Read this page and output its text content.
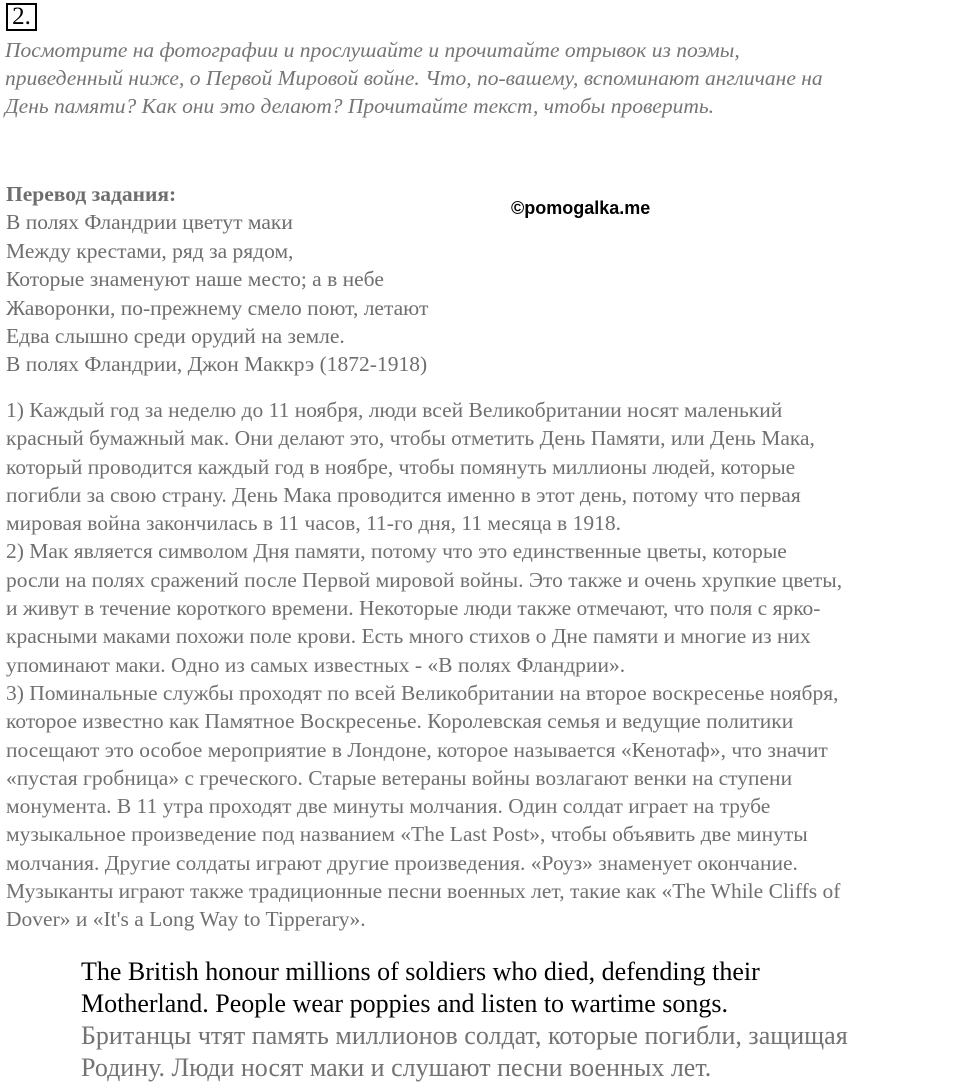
2.
Посмотрите на фотографии и прослушайте и прочитайте отрывок из поэмы,
приведенный ниже, о Первой Мировой войне. Что, по-вашему, вспоминают англичане на
День памяти? Как они это делают? Прочитайте текст, чтобы проверить.
©pomogalka.me
Перевод задания:
В полях Фландрии цветут маки
Между крестами, ряд за рядом,
Которые знаменуют наше место; а в небе
Жаворонки, по-прежнему смело поют, летают
Едва слышно среди орудий на земле.
В полях Фландрии, Джон Маккрэ (1872-1918)
1) Каждый год за неделю до 11 ноября, люди всей Великобритании носят маленький
красный бумажный мак. Они делают это, чтобы отметить День Памяти, или День Мака,
который проводится каждый год в ноябре, чтобы помянуть миллионы людей, которые
погибли за свою страну. День Мака проводится именно в этот день, потому что первая
мировая война закончилась в 11 часов, 11-го дня, 11 месяца в 1918.
2) Мак является символом Дня памяти, потому что это единственные цветы, которые
росли на полях сражений после Первой мировой войны. Это также и очень хрупкие цветы,
и живут в течение короткого времени. Некоторые люди также отмечают, что поля с ярко-
красными маками похожи поле крови. Есть много стихов о Дне памяти и многие из них
упоминают маки. Одно из самых известных - «В полях Фландрии».
3) Поминальные службы проходят по всей Великобритании на второе воскресенье ноября,
которое известно как Памятное Воскресенье. Королевская семья и ведущие политики
посещают это особое мероприятие в Лондоне, которое называется «Кенотаф», что значит
«пустая гробница» с греческого. Старые ветераны войны возлагают венки на ступени
монумента. В 11 утра проходят две минуты молчания. Один солдат играет на трубе
музыкальное произведение под названием «The Last Post», чтобы объявить две минуты
молчания. Другие солдаты играют другие произведения. «Роуз» знаменует окончание.
Музыканты играют также традиционные песни военных лет, такие как «The While Cliffs of
Dover» и «It's a Long Way to Tipperary».
The British honour millions of soldiers who died, defending their
Motherland. People wear poppies and listen to wartime songs.
Британцы чтят память миллионов солдат, которые погибли, защищая
Родину. Люди носят маки и слушают песни военных лет.
